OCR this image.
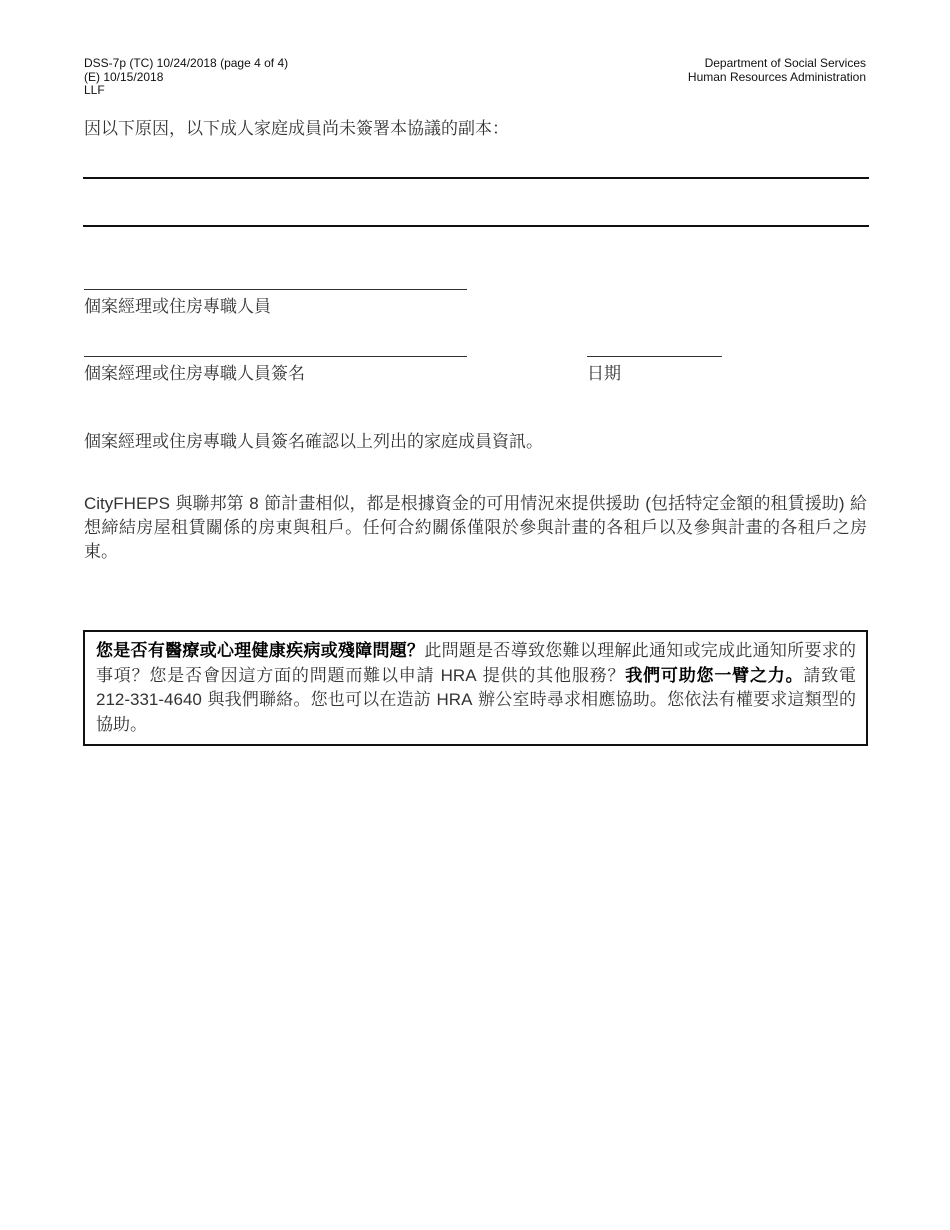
DSS-7p (TC) 10/24/2018 (page 4 of 4)
(E) 10/15/2018
LLF
Department of Social Services
Human Resources Administration
因以下原因，以下成人家庭成員尚未簽署本協議的副本：
個案經理或住房專職人員
個案經理或住房專職人員簽名	日期
個案經理或住房專職人員簽名確認以上列出的家庭成員資訊。
CityFHEPS 與聯邦第 8 節計畫相似，都是根據資金的可用情況來提供援助 (包括特定金額的租賃援助) 給想締結房屋租賃關係的房東與租戶。任何合約關係僅限於參與計畫的各租戶以及參與計畫的各租戶之房東。
您是否有醫療或心理健康疾病或殘障問題？此問題是否導致您難以理解此通知或完成此通知所要求的事項？您是否會因這方面的問題而難以申請 HRA 提供的其他服務？我們可助您一臂之力。請致電 212-331-4640 與我們聯絡。您也可以在造訪 HRA 辦公室時尋求相應協助。您依法有權要求這類型的協助。
